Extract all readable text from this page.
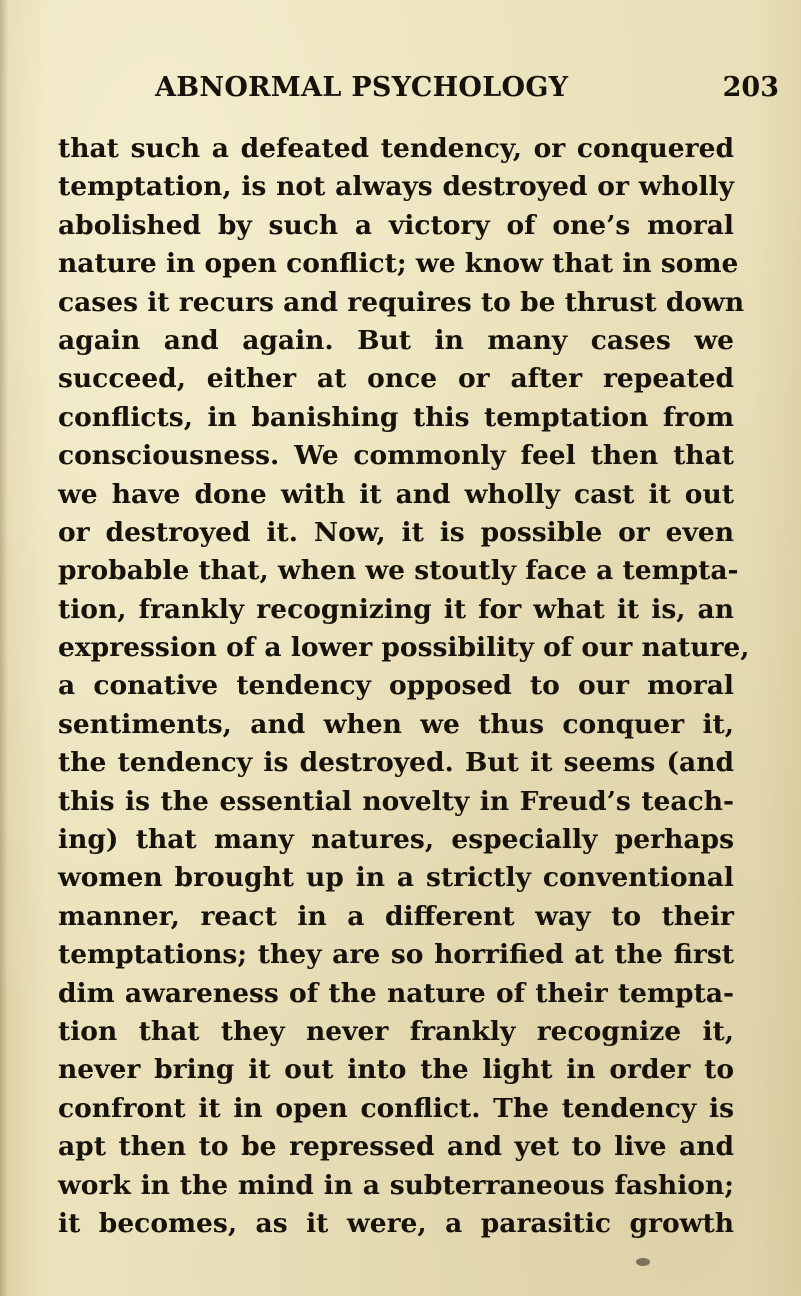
ABNORMAL PSYCHOLOGY	203
that such a defeated tendency, or conquered
temptation, is not always destroyed or wholly
abolished by such a victory of one’s moral
nature in open conflict; we know that in some
cases it recurs and requires to be thrust down
again and again. But in many cases we
succeed, either at once or after repeated
conflicts, in banishing this temptation from
consciousness. We commonly feel then that
we have done with it and wholly cast it out
or destroyed it. Now, it is possible or even
probable that, when we stoutly face a tempta-
tion, frankly recognizing it for what it is, an
expression of a lower possibility of our nature,
a conative tendency opposed to our moral
sentiments, and when we thus conquer it,
the tendency is destroyed. But it seems (and
this is the essential novelty in Freud’s teach-
ing) that many natures, especially perhaps
women brought up in a strictly conventional
manner, react in a different way to their
temptations; they are so horrified at the first
dim awareness of the nature of their tempta-
tion that they never frankly recognize it,
never bring it out into the light in order to
confront it in open conflict. The tendency is
apt then to be repressed and yet to live and
work in the mind in a subterraneous fashion;
it becomes, as it were, a parasitic growth
